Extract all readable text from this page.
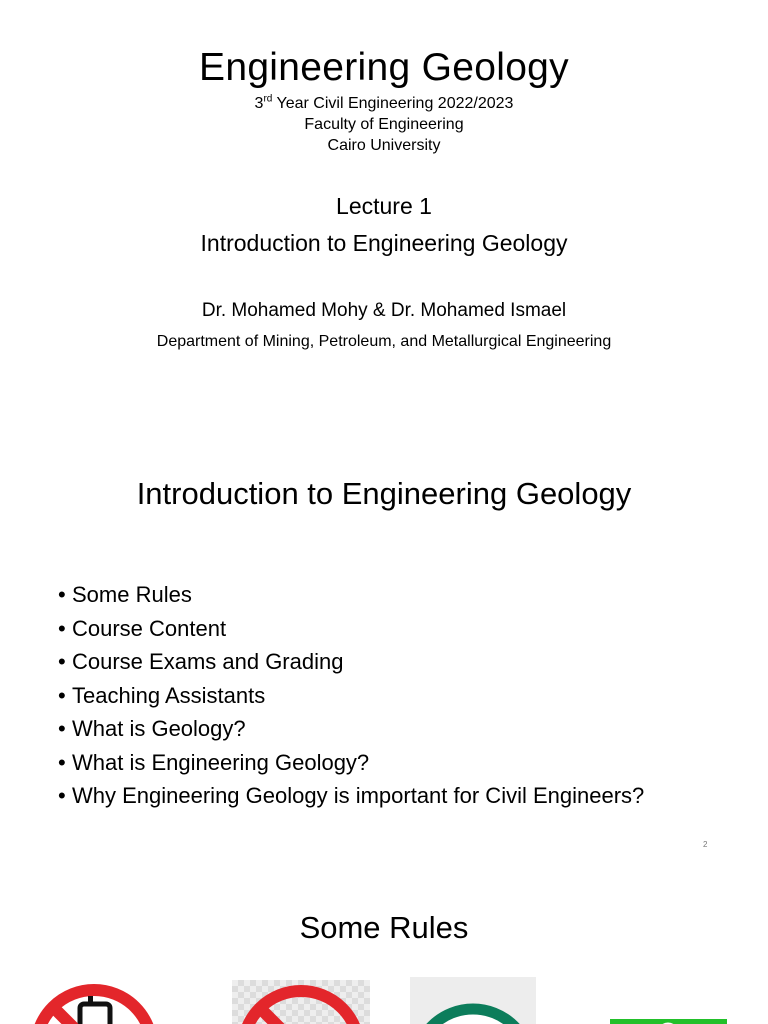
Engineering Geology
3rd Year Civil Engineering 2022/2023
Faculty of Engineering
Cairo University
Lecture 1
Introduction to Engineering Geology
Dr. Mohamed Mohy & Dr. Mohamed Ismael
Department of Mining, Petroleum, and Metallurgical Engineering
Introduction to Engineering Geology
• Some Rules
• Course Content
• Course Exams and Grading
• Teaching Assistants
• What is Geology?
• What is Engineering Geology?
• Why Engineering Geology is important for Civil Engineers?
2
Some Rules
